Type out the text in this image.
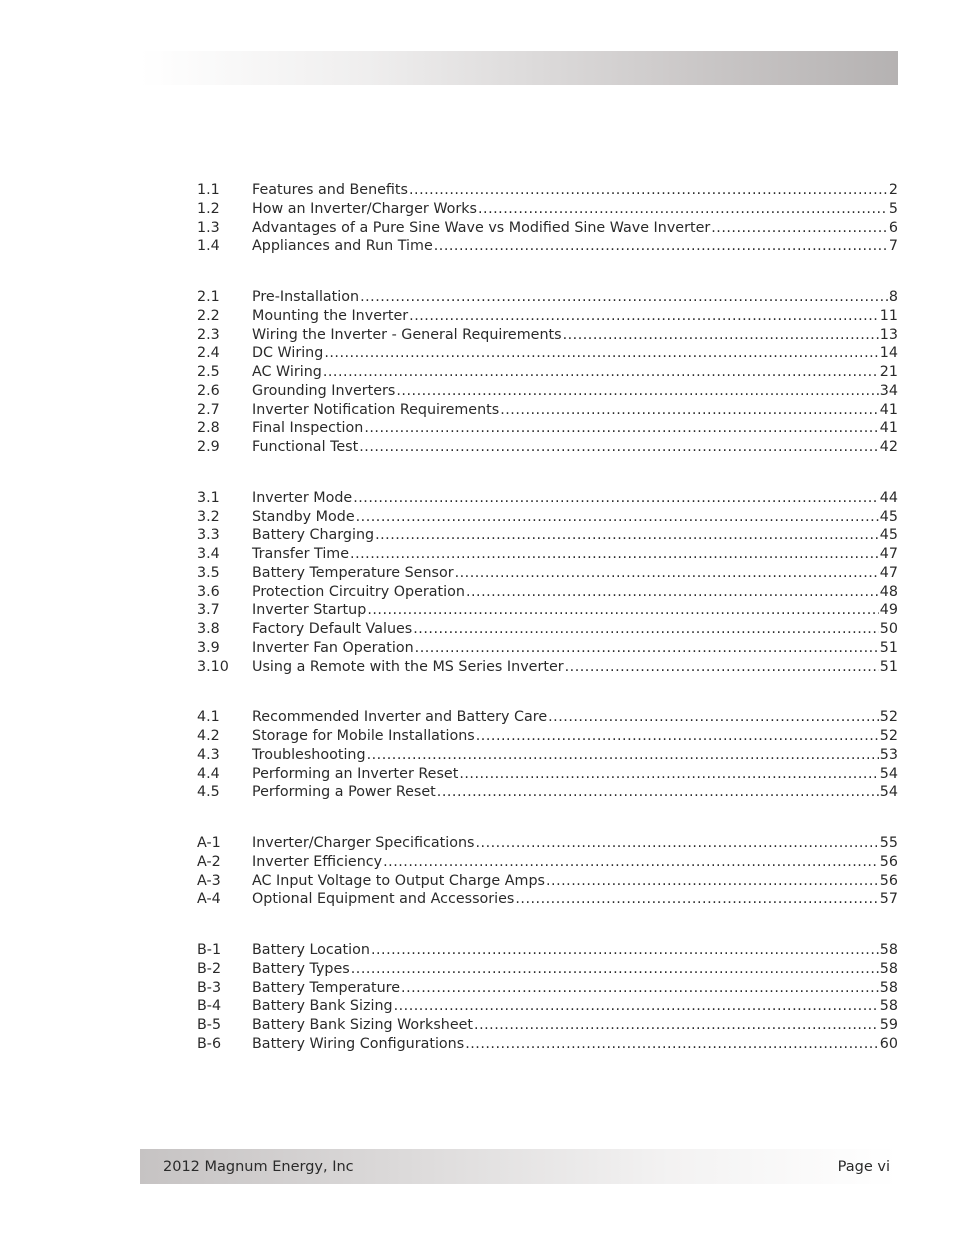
1.1	Features and Benefits .....	2
1.2	How an Inverter/Charger Works .....	5
1.3	Advantages of a Pure Sine Wave vs Modified Sine Wave Inverter .....	6
1.4	Appliances and Run Time .....	7
2.1	Pre-Installation .....	8
2.2	Mounting the Inverter .....	11
2.3	Wiring the Inverter - General Requirements .....	13
2.4	DC Wiring .....	14
2.5	AC Wiring .....	21
2.6	Grounding Inverters .....	34
2.7	Inverter Notification Requirements .....	41
2.8	Final Inspection .....	41
2.9	Functional Test .....	42
3.1	Inverter Mode .....	44
3.2	Standby Mode .....	45
3.3	Battery Charging .....	45
3.4	Transfer Time .....	47
3.5	Battery Temperature Sensor .....	47
3.6	Protection Circuitry Operation .....	48
3.7	Inverter Startup .....	49
3.8	Factory Default Values .....	50
3.9	Inverter Fan Operation .....	51
3.10	Using a Remote with the MS Series Inverter .....	51
4.1	Recommended Inverter and Battery Care .....	52
4.2	Storage for Mobile Installations .....	52
4.3	Troubleshooting .....	53
4.4	Performing an Inverter Reset .....	54
4.5	Performing a Power Reset .....	54
A-1	Inverter/Charger Specifications .....	55
A-2	Inverter Efficiency .....	56
A-3	AC Input Voltage to Output Charge Amps .....	56
A-4	Optional Equipment and Accessories .....	57
B-1	Battery Location .....	58
B-2	Battery Types .....	58
B-3	Battery Temperature .....	58
B-4	Battery Bank Sizing .....	58
B-5	Battery Bank Sizing Worksheet .....	59
B-6	Battery Wiring Configurations .....	60
2012 Magnum Energy, Inc	Page vi
